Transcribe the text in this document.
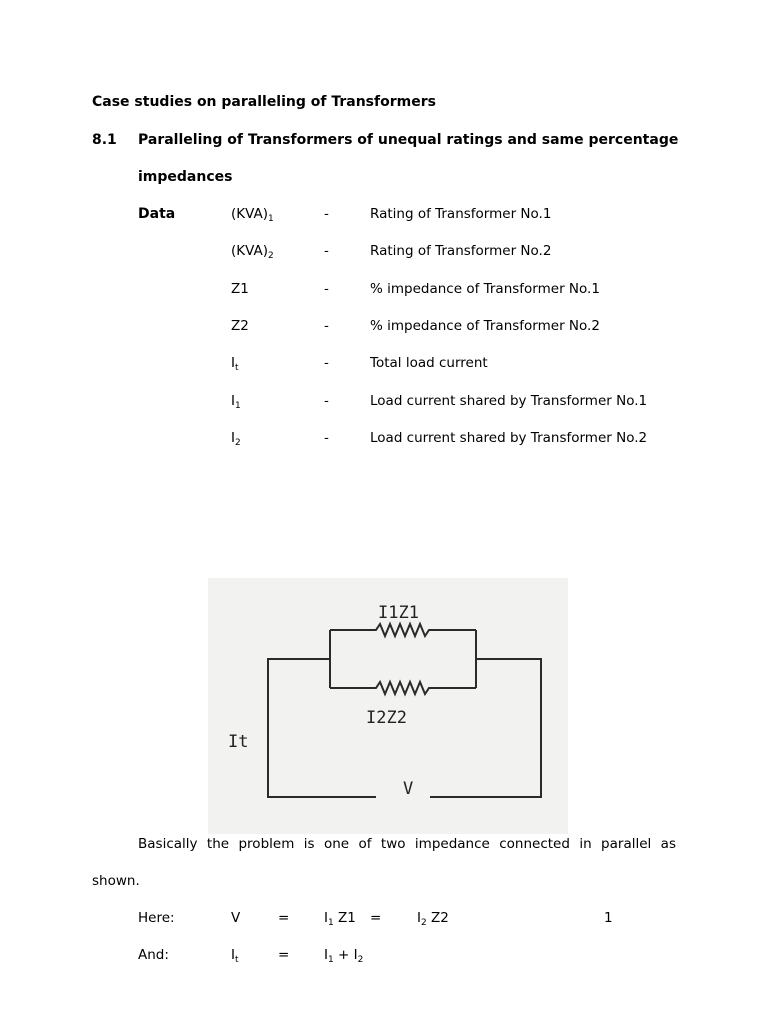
Case studies on paralleling of Transformers
8.1 Paralleling of Transformers of unequal ratings and same percentage
impedances
Data	$(KVA)_1$	-	Rating of Transformer No.1
$(KVA)_2$	-	Rating of Transformer No.2
Z1	-	% impedance of Transformer No.1
Z2	-	% impedance of Transformer No.2
$I_t$	-	Total load current
$I_1$	-	Load current shared by Transformer No.1
$I_2$	-	Load current shared by Transformer No.2
I1Z1
I2Z2
It
V
Basically the problem is one of two impedance connected in parallel as
shown.
Here:	V	=	$I_1$ Z1 =	$I_2$ Z2	1
And:	$I_t$	=	$I_1 + I_2$
